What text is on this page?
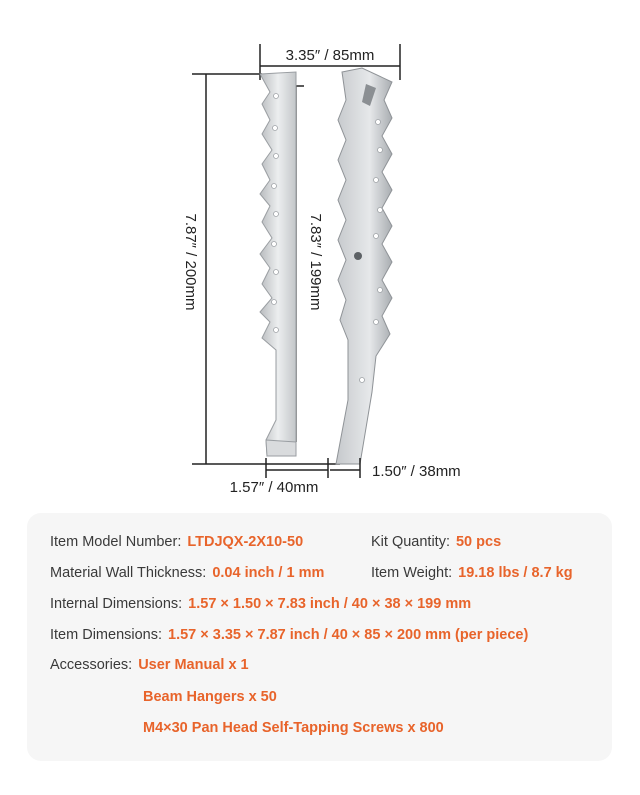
3.35″ / 85mm
7.87″ / 200mm	7.83″ / 199mm
1.57″ / 40mm
1.50″ / 38mm
Item Model Number: LTDJQX-2X10-50	Kit Quantity: 50 pcs
Material Wall Thickness: 0.04 inch / 1 mm	Item Weight: 19.18 lbs / 8.7 kg
Internal Dimensions: 1.57 × 1.50 × 7.83 inch / 40 × 38 × 199 mm
Item Dimensions: 1.57 × 3.35 × 7.87 inch / 40 × 85 × 200 mm (per piece)
Accessories: User Manual x 1
Beam Hangers x 50
M4×30 Pan Head Self-Tapping Screws x 800
